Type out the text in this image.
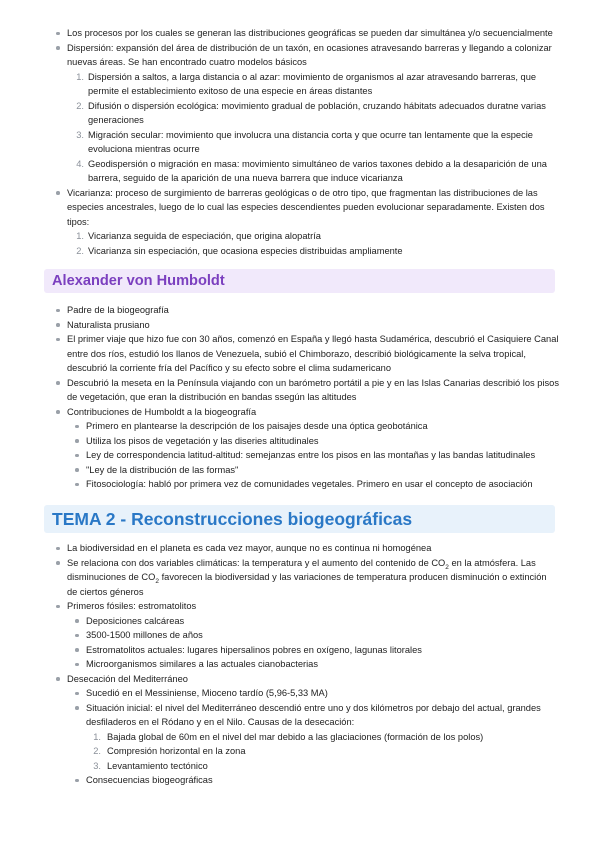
Los procesos por los cuales se generan las distribuciones geográficas se pueden dar simultánea y/o secuencialmente
Dispersión: expansión del área de distribución de un taxón, en ocasiones atravesando barreras y llegando a colonizar nuevas áreas. Se han encontrado cuatro modelos básicos
1. Dispersión a saltos, a larga distancia o al azar: movimiento de organismos al azar atravesando barreras, que permite el establecimiento exitoso de una especie en áreas distantes
2. Difusión o dispersión ecológica: movimiento gradual de población, cruzando hábitats adecuados duratne varias generaciones
3. Migración secular: movimiento que involucra una distancia corta y que ocurre tan lentamente que la especie evoluciona mientras ocurre
4. Geodispersión o migración en masa: movimiento simultáneo de varios taxones debido a la desaparición de una barrera, seguido de la aparición de una nueva barrera que induce vicarianza
Vicarianza: proceso de surgimiento de barreras geológicas o de otro tipo, que fragmentan las distribuciones de las especies ancestrales, luego de lo cual las especies descendientes pueden evolucionar separadamente. Existen dos tipos:
1. Vicarianza seguida de especiación, que origina alopatría
2. Vicarianza sin especiación, que ocasiona especies distribuidas ampliamente
Alexander von Humboldt
Padre de la biogeografía
Naturalista prusiano
El primer viaje que hizo fue con 30 años, comenzó en España y llegó hasta Sudamérica, descubrió el Casiquiere Canal entre dos ríos, estudió los llanos de Venezuela, subió el Chimborazo, describió biológicamente la selva tropical, descubrió la corriente fría del Pacífico y su efecto sobre el clima sudamericano
Descubrió la meseta en la Península viajando con un barómetro portátil a pie y en las Islas Canarias describió los pisos de vegetación, que eran la distribución en bandas ssegún las altitudes
Contribuciones de Humboldt a la biogeografía
Primero en plantearse la descripción de los paisajes desde una óptica geobotánica
Utiliza los pisos de vegetación y las diseries altitudinales
Ley de correspondencia latitud-altitud: semejanzas entre los pisos en las montañas y las bandas latitudinales
"Ley de la distribución de las formas"
Fitosociología: habló por primera vez de comunidades vegetales. Primero en usar el concepto de asociación
TEMA 2 - Reconstrucciones biogeográficas
La biodiversidad en el planeta es cada vez mayor, aunque no es continua ni homogénea
Se relaciona con dos variables climáticas: la temperatura y el aumento del contenido de $CO_2$ en la atmósfera. Las disminuciones de $CO_2$ favorecen la biodiversidad y las variaciones de temperatura producen disminución o extinción de ciertos géneros
Primeros fósiles: estromatolitos
Deposiciones calcáreas
3500-1500 millones de años
Estromatolitos actuales: lugares hipersalinos pobres en oxígeno, lagunas litorales
Microorganismos similares a las actuales cianobacterias
Desecación del Mediterráneo
Sucedió en el Messiniense, Mioceno tardío (5,96-5,33 MA)
Situación inicial: el nivel del Mediterráneo descendió entre uno y dos kilómetros por debajo del actual, grandes desfiladeros en el Ródano y en el Nilo. Causas de la desecación:
1. Bajada global de 60m en el nivel del mar debido a las glaciaciones (formación de los polos)
2. Compresión horizontal en la zona
3. Levantamiento tectónico
Consecuencias biogeográficas
